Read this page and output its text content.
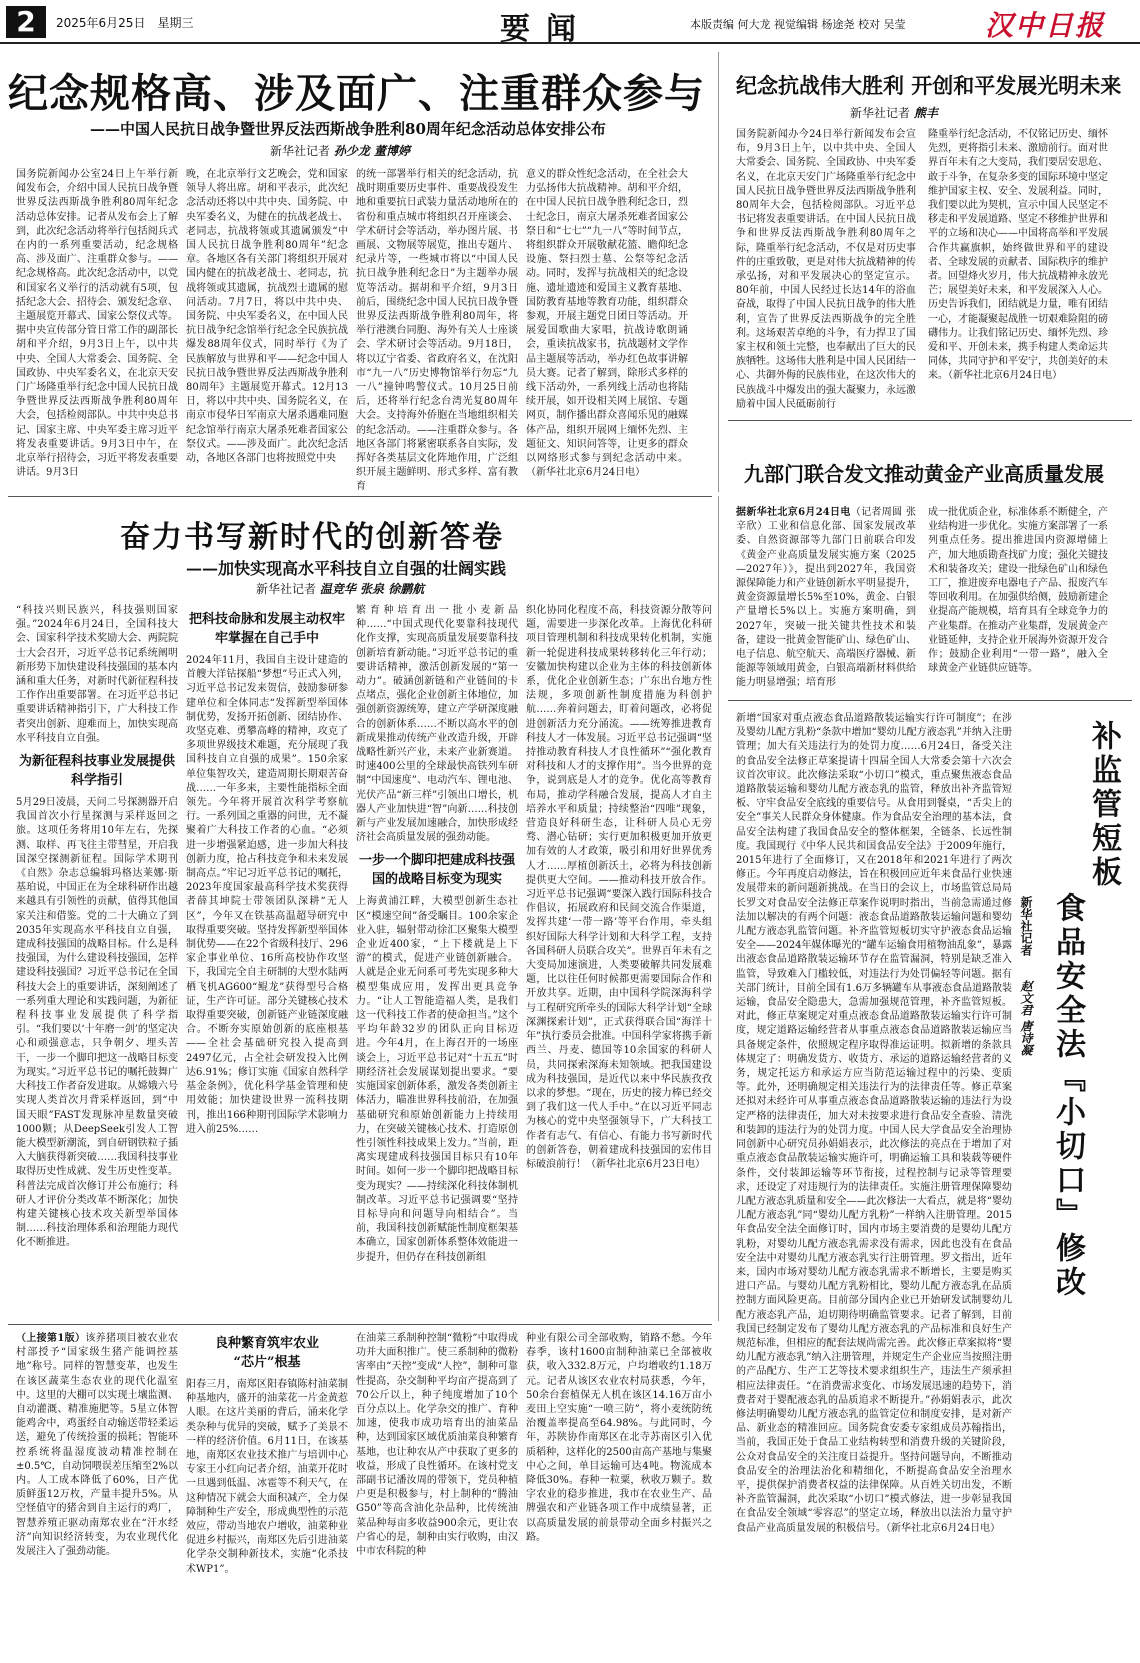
2	2025年6月25日　星期三	要闻	本版责编 何大龙 视觉编辑 杨途尧 校对 吴莹	汉中日报
纪念规格高、涉及面广、注重群众参与
——中国人民抗日战争暨世界反法西斯战争胜利80周年纪念活动总体安排公布
新华社记者 孙少龙 董博婷
国务院新闻办公室24日上午举行新闻发布会，介绍中国人民抗日战争暨世界反法西斯战争胜利80周年纪念活动总体安排。记者从发布会上了解到，此次纪念活动将举行包括阅兵式在内的一系列重要活动，纪念规格高、涉及面广、注重群众参与。——纪念规格高。此次纪念活动中，以党和国家名义举行的活动就有5项，包括纪念大会、招待会、颁发纪念章、主题展览开幕式、国家公祭仪式等。据中央宣传部分管日常工作的副部长胡和平介绍，9月3日上午，以中共中央、全国人大常委会、国务院、全国政协、中央军委名义，在北京天安门广场隆重举行纪念中国人民抗日战争暨世界反法西斯战争胜利80周年大会，包括检阅部队。中共中央总书记、国家主席、中央军委主席习近平将发表重要讲话。9月3日中午，在北京举行招待会，习近平将发表重要讲话。9月3日
晚，在北京举行文艺晚会，党和国家领导人将出席。胡和平表示，此次纪念活动还将以中共中央、国务院、中央军委名义，为健在的抗战老战士、老同志，抗战将领或其遗属颁发“中国人民抗日战争胜利80周年”纪念章。各地区各有关部门将组织开展对国内健在的抗战老战士、老同志，抗战将领或其遗属，抗战烈士遗属的慰问活动。7月7日，将以中共中央、国务院、中央军委名义，在中国人民抗日战争纪念馆举行纪念全民族抗战爆发88周年仪式，同时举行《为了民族解放与世界和平——纪念中国人民抗日战争暨世界反法西斯战争胜利80周年》主题展览开幕式。12月13日，将以中共中央、国务院名义，在南京市侵华日军南京大屠杀遇难同胞纪念馆举行南京大屠杀死难者国家公祭仪式。——涉及面广。此次纪念活动，各地区各部门也将按照党中央
的统一部署举行相关的纪念活动，抗战时期重要历史事件、重要战役发生地和重要抗日武装力量活动地所在的省份和重点城市将组织召开座谈会、学术研讨会等活动，举办图片展、书画展、文物展等展览，推出专题片、纪录片等，一些城市将以“中国人民抗日战争胜利纪念日”为主题举办展览等活动。据胡和平介绍，9月3日前后，围绕纪念中国人民抗日战争暨世界反法西斯战争胜利80周年，将举行港澳台同胞、海外有关人士座谈会、学术研讨会等活动。9月18日，将以辽宁省委、省政府名义，在沈阳市“九一八”历史博物馆举行勿忘“九一八”撞钟鸣警仪式。10月25日前后，还将举行纪念台湾光复80周年大会。支持海外侨胞在当地组织相关的纪念活动。——注重群众参与。各地区各部门将紧密联系各自实际，发挥好各类基层文化阵地作用，广泛组织开展主题鲜明、形式多样、富有教育
意义的群众性纪念活动，在全社会大力弘扬伟大抗战精神。胡和平介绍，在中国人民抗日战争胜利纪念日，烈士纪念日，南京大屠杀死难者国家公祭日和“七七”“九一八”等时间节点，将组织群众开展敬献花篮、瞻仰纪念设施、祭扫烈士墓、公祭等纪念活动。同时，发挥与抗战相关的纪念设施、遗址遗迹和爱国主义教育基地、国防教育基地等教育功能，组织群众参观，开展主题党日团日等活动。开展爱国歌曲大家唱，抗战诗歌朗诵会，重读抗战家书，抗战题材文学作品主题展等活动，举办红色故事讲解员大赛。记者了解到，除形式多样的线下活动外，一系列线上活动也将陆续开展，如开设相关网上展馆、专题网页，制作播出群众喜闻乐见的融媒体产品，组织开展网上缅怀先烈、主题征文、知识问答等，让更多的群众以网络形式参与到纪念活动中来。（新华社北京6月24日电）
纪念抗战伟大胜利 开创和平发展光明未来
新华社记者 熊丰
国务院新闻办今24日举行新闻发布会宣布，9月3日上午，以中共中央、全国人大常委会、国务院、全国政协、中央军委名义，在北京天安门广场隆重举行纪念中国人民抗日战争暨世界反法西斯战争胜利80周年大会，包括检阅部队。习近平总书记将发表重要讲话。在中国人民抗日战争和世界反法西斯战争胜利80周年之际，隆重举行纪念活动，不仅是对历史事件的庄重致敬，更是对伟大抗战精神的传承弘扬，对和平发展决心的坚定宣示。80年前，中国人民经过长达14年的浴血奋战，取得了中国人民抗日战争的伟大胜利，宣告了世界反法西斯战争的完全胜利。这场艰苦卓绝的斗争，有力捍卫了国家主权和领土完整，也奉献出了巨大的民族牺牲。这场伟大胜利是中国人民团结一心、共御外侮的民族伟业，在这次伟大的民族战斗中爆发出的强大凝聚力，永远激励着中国人民砥砺前行
隆重举行纪念活动，不仅铭记历史、缅怀先烈，更将指引未来、激励前行。面对世界百年未有之大变局，我们要居安思危、敢于斗争，在复杂多变的国际环境中坚定维护国家主权、安全、发展利益。同时，我们要以此为契机，宣示中国人民坚定不移走和平发展道路、坚定不移维护世界和平的立场和决心——中国将高举和平发展合作共赢旗帜，始终做世界和平的建设者、全球发展的贡献者、国际秩序的维护者。回望烽火岁月，伟大抗战精神永放光芒；展望美好未来，和平发展深入人心。历史告诉我们，团结就是力量，唯有团结一心，才能凝聚起战胜一切艰难险阻的磅礴伟力。让我们铭记历史、缅怀先烈、珍爱和平、开创未来，携手构建人类命运共同体，共同守护和平安宁，共创美好的未来。（新华社北京6月24日电）
九部门联合发文推动黄金产业高质量发展
据新华社北京6月24日电（记者周圆 张辛欣）工业和信息化部、国家发展改革委、自然资源部等九部门日前联合印发《黄金产业高质量发展实施方案（2025—2027年）》，提出到2027年，我国资源保障能力和产业链创新水平明显提升，黄金资源量增长5%至10%，黄金、白银产量增长5%以上。实施方案明确，到2027年，突破一批关键共性技术和装备，建设一批黄金智能矿山、绿色矿山、电子信息、航空航天、高端医疗器械、新能源等领域用黄金，白银高端新材料供给能力明显增强；培育形
成一批优质企业，标准体系不断健全，产业结构进一步优化。实施方案部署了一系列重点任务。提出推进国内资源增储上产，加大地质勘查找矿力度；强化关键技术和装备攻关；建设一批绿色矿山和绿色工厂，推进废弃电器电子产品、报废汽车等回收利用。在加强供给侧，鼓励新建企业提高产能规模，培育具有全球竞争力的产业集群。在推动产业集群，发展黄金产业链延伸，支持企业开展海外资源开发合作；鼓励企业利用“一带一路”，融入全球黄金产业链供应链等。
奋力书写新时代的创新答卷
——加快实现高水平科技自立自强的壮阔实践
新华社记者 温竞华 张泉 徐鹏航
“科技兴则民族兴，科技强则国家强。”2024年6月24日，全国科技大会、国家科学技术奖励大会、两院院士大会召开，习近平总书记系统阐明新形势下加快建设科技强国的基本内涵和重大任务，对新时代新征程科技工作作出重要部署。在习近平总书记重要讲话精神指引下，广大科技工作者突出创新、迎难而上，加快实现高水平科技自立自强。
为新征程科技事业发展提供科学指引
5月29日凌晨，天问二号探测器开启我国首次小行星探测与采样返回之旅。这项任务将用10年左右，先探测、取样、再飞往主带彗星，开启我国深空探测新征程。国际学术期刊《自然》杂志总编辑玛格达莱娜·斯基珀说，中国正在为全球科研作出越来越具有引领性的贡献，值得其他国家关注和借鉴。党的二十大确立了到2035年实现高水平科技自立自强，建成科技强国的战略目标。什么是科技强国，为什么建设科技强国，怎样建设科技强国？习近平总书记在全国科技大会上的重要讲话，深刻阐述了一系列重大理论和实践问题，为新征程科技事业发展提供了科学指引。“我们要以‘十年磨一剑’的坚定决心和顽强意志，只争朝夕、埋头苦干，一步一个脚印把这一战略目标变为现实。”习近平总书记的嘱托鼓舞广大科技工作者奋发进取。从嫦娥六号实现人类首次月背采样返回，到“中国天眼”FAST发现脉冲星数量突破1000颗；从DeepSeek引发人工智能大模型新潮流，到自研钢铁粒子插入大脑获得新突破……我国科技事业取得历史性成就、发生历史性变革。科普法完成首次修订并公布施行；科研人才评价分类改革不断深化；加快构建关键核心技术攻关新型举国体制……科技治理体系和治理能力现代化不断推进。
把科技命脉和发展主动权牢牢掌握在自己手中
2024年11月，我国自主设计建造的首艘大洋钻探船“梦想”号正式入列，习近平总书记发来贺信，鼓励参研参建单位和全体同志“发挥新型举国体制优势，发扬开拓创新、团结协作、攻坚克难、勇攀高峰的精神，攻克了多项世界级技术难题，充分展现了我国科技自立自强的成果”。150余家单位集智攻关，建造周期长期艰苦奋战……一年多来，主要性能指标全面领先。今年将开展首次科学考察航行。一系列国之重器的问世，无不凝聚着广大科技工作者的心血。“必须进一步增强紧迫感，进一步加大科技创新力度，抢占科技竞争和未来发展制高点。”牢记习近平总书记的嘱托，2023年度国家最高科学技术奖获得者薛其坤院士带领团队深耕“无人区”，今年又在铁基高温超导研究中取得重要突破。坚持发挥新型举国体制优势——在22个省级科技厅、296家企事业单位、16所高校协作攻坚下，我国完全自主研制的大型水陆两栖飞机AG600“鲲龙”获得型号合格证，生产许可证。部分关键核心技术取得重要突破，创新链产业链深度融合。不断夯实原始创新的底座根基——全社会基础研究投入提高到2497亿元，占全社会研发投入比例达6.91%；修订实施《国家自然科学基金条例》，优化科学基金管理和使用效能；加快建设世界一流科技期刊，推出166种期刊国际学术影响力进入前25%……
繁育种培育出一批小麦新品种……“中国式现代化要靠科技现代化作支撑，实现高质量发展要靠科技创新培育新动能。”习近平总书记的重要讲话精神，激活创新发展的“第一动力”。破涵创新链和产业链间的卡点堵点，强化企业创新主体地位，加强创新资源统筹，建立产学研深度融合的创新体系……不断以高水平的创新成果推动传统产业改造升级，开辟战略性新兴产业，未来产业新赛道。时速400公里的全球最快高铁列车研制“中国速度”、电动汽车、锂电池、光伏产品“新三样”引领出口增长，机器人产业加快进“智”向新……科技创新与产业发展加速融合，加快形成经济社会高质量发展的强劲动能。
一步一个脚印把建成科技强国的战略目标变为现实
上海黄浦江畔，大模型创新生态社区“模速空间”备受瞩目。100余家企业入驻，辐射带动徐汇区聚集大模型企业近400家，“上下楼就是上下游”的模式，促进产业链创新融合。人就是企业无问系可考先实现多种大模型集成应用，发挥出更具竞争力。“让人工智能造福人类，是我们这一代科技工作者的使命担当。”这个平均年龄32岁的团队正向目标迈进。今年4月，在上海召开的一场座谈会上，习近平总书记对“十五五”时期经济社会发展谋划提出要求。“要实施国家创新体系，激发各类创新主体活力，瞄准世界科技前沿，在加强基础研究和原始创新能力上持续用力，在突破关键核心技术、打造原创性引领性科技成果上发力。”当前，距离实现建成科技强国目标只有10年时间。如何一步一个脚印把战略目标变为现实？——持续深化科技体制机制改革。习近平总书记强调要“坚持目标导向和问题导向相结合”。当前，我国科技创新赋能性制度框架基本确立，国家创新体系整体效能进一步提升，但仍存在科技创新组
织化协同化程度不高，科技资源分散等问题，需要进一步深化改革。上海优化科研项目管理机制和科技成果转化机制，实施新一轮促进科技成果转移转化三年行动；安徽加快构建以企业为主体的科技创新体系，优化企业创新生态；广东出台地方性法规，多项创新性制度措施为科创护航……奔着问题去，盯着问题改，必将促进创新活力充分涌流。——统筹推进教育科技人才一体发展。习近平总书记强调“坚持推动教育科技人才良性循环”“强化教育对科技和人才的支撑作用”。当今世界的竞争，说到底是人才的竞争。优化高等教育布局，推动学科融合发展，提高人才自主培养水平和质量；持续整治“四唯”现象，营造良好科研生态，让科研人员心无旁骛、潜心钻研；实行更加积极更加开放更加有效的人才政策，吸引和用好世界优秀人才……厚植创新沃土，必将为科技创新提供更大空间。——推动科技开放合作。习近平总书记强调“要深入践行国际科技合作倡议，拓展政府和民间交流合作渠道，发挥共建‘一带一路’等平台作用，牵头组织好国际大科学计划和大科学工程，支持各国科研人员联合攻关”。世界百年未有之大变局加速演进，人类要破解共同发展难题，比以往任何时候都更需要国际合作和开放共享。近期，由中国科学院深海科学与工程研究所牵头的国际大科学计划“全球深渊探索计划”，正式获得联合国“海洋十年”执行委员会批准。中国科学家将携手新西兰、丹麦、德国等10余国家的科研人员，共同探索深海未知领域。把我国建设成为科技强国，是近代以来中华民族孜孜以求的梦想。“现在，历史的接力棒已经交到了我们这一代人手中。”在以习近平同志为核心的党中央坚强领导下，广大科技工作者有志气、有信心、有能力书写新时代的创新答卷，朝着建成科技强国的宏伟目标破浪前行！（新华社北京6月23日电）
新增“国家对重点液态食品道路散装运输实行许可制度”；在涉及婴幼儿配方乳粉“条款中增加“婴幼儿配方液态乳”并纳入注册管理；加大有关违法行为的处罚力度……6月24日，备受关注的食品安全法修正草案提请十四届全国人大常委会第十六次会议首次审议。此次修法采取“小切口”模式，重点聚焦液态食品道路散装运输和婴幼儿配方液态乳的监管，释放出补齐监管短板、守牢食品安全底线的重要信号。从食用到餐桌，“舌尖上的安全”事关人民群众身体健康。作为食品安全治理的基本法，食品安全法构建了我国食品安全的整体框架，全链条、长远性制度。我国现行《中华人民共和国食品安全法》于2009年施行，2015年进行了全面修订，又在2018年和2021年进行了两次修正。今年再度启动修法，旨在积极回应近年来食品行业快速发展带来的新问题新挑战。在当日的会议上，市场监管总局局长罗文对食品安全法修正草案作说明时指出，当前急需通过修法加以解决的有两个问题：液态食品道路散装运输问题和婴幼儿配方液态乳监管问题。补齐监管短板切实守护液态食品运输安全——2024年媒体曝光的“罐车运输食用植物油乱象”，暴露出液态食品道路散装运输环节存在监管漏洞，特别是缺乏准入监管，导致难入门槛较低，对违法行为处罚偏轻等问题。据有关部门统计，目前全国有1.6万多辆罐车从事液态食品道路散装运输，食品安全隐患大，急需加强规范管理，补齐监管短板。对此，修正草案规定对重点液态食品道路散装运输实行许可制度，规定道路运输经营者从事重点液态食品道路散装运输应当具备规定条件，依照规定程序取得准运证明。拟新增的条款具体规定了：明确发货方、收货方、承运的道路运输经营者的义务，规定托运方和承运方应当防范运输过程中的污染、变质等。此外，还明确规定相关违法行为的法律责任等。修正草案还拟对未经许可从事重点液态食品道路散装运输的违法行为设定严格的法律责任，加大对未按要求进行食品安全查验、清洗和装卸的违法行为的处罚力度。中国人民大学食品安全治理协同创新中心研究员孙娟娟表示，此次修法的亮点在于增加了对重点液态食品散装运输实施许可，明确运输工具和装载等硬件条件，交付装卸运输等环节衔接，过程控制与记录等管理要求，还设定了对违规行为的法律责任。实施注册管理保障婴幼儿配方液态乳质量和安全——此次修法一大看点，就是将“婴幼儿配方液态乳”同“婴幼儿配方乳粉”一样纳入注册管理。2015年食品安全法全面修订时，国内市场主要消费的是婴幼儿配方乳粉，对婴幼儿配方液态乳需求没有需求，因此也没有在食品安全法中对婴幼儿配方液态乳实行注册管理。罗文指出，近年来，国内市场对婴幼儿配方液态乳需求不断增长，主要是购买进口产品。与婴幼儿配方乳粉相比，婴幼儿配方液态乳在品质控制方面风险更高。目前部分国内企业已开始研发试制婴幼儿配方液态乳产品，迫切期待明确监管要求。记者了解到，目前我国已经制定发布了婴幼儿配方液态乳的产品标准和良好生产规范标准，但相应的配套法规尚需完善。此次修正草案拟将“婴幼儿配方液态乳”纳入注册管理，并规定生产企业应当按照注册的产品配方、生产工艺等技术要求组织生产，违法生产须承担相应法律责任。“在消费需求变化、市场发展迅速的趋势下，消费者对于婴配液态乳的品质追求不断提升。”孙娟娟表示，此次修法明确婴幼儿配方液态乳的监管定位和制度安排，是对新产品、新业态的精准回应。国务院食安委专家组成员苏翰指出，当前，我国正处于食品工业结构转型和消费升级的关键阶段，公众对食品安全的关注度日益提升。坚持问题导向，不断推动食品安全的治理法治化和精细化，不断提高食品安全治理水平，提供保护消费者权益的法律保障。从百姓关切出发，不断补齐监管漏洞，此次采取“小切口”模式修法，进一步彰显我国在食品安全领域“零容忍”的坚定立场，释放出以法治力量守护食品产业高质量发展的积极信号。（新华社北京6月24日电）
补监管短板
食品安全法『小切口』修改
新华社记者
赵文君 唐诗凝
（上接第1版）该养猪项目被农业农村部授予“国家级生猪产能调控基地”称号。同样的智慧变革，也发生在该区蔬菜生态农业的现代化温室中。这里的大棚可以实现土壤监测、自动灌溉、精准施肥等。5星立体智能鸡舍中，鸡蛋经自动输送带轻柔运送，避免了传统捡蛋的损耗；智能环控系统将温湿度波动精准控制在±0.5℃，自动饲喂误差压缩至2%以内。人工成本降低了60%，日产优质鲜蛋12万枚，产量丰提升5%。从空怪值守的猪舍到自主运行的鸡厂，智慧养殖正驱动南郑农业在“汗水经济”向知识经济转变，为农业现代化发展注入了强劲动能。
良种繁育筑牢农业
“芯片”根基
阳春三月，南郑区阳春镇陈村油菜制种基地内，盛开的油菜花一片金黄惹人眼。在这片美丽的背后，涌来化学类杂种与优异的突破，赋予了美景不一样的经济价值。6月11日，在该基地，南郑区农业技术推广与培训中心专家王小红向记者介绍，油菜开花时一旦遇到低温、冰雹等不利天气，在这种情况下就会大面积减产，全力保障制种生产安全，形成典型性的示范效应，带动当地农户增收，油菜种业促进乡村振兴，南郑区先后引进油菜化学杂交制种新技术，实施“化杀技术WP1”。
在油菜三系制种控制“微粉”中取得成功并大面积推广。使三系制种的微粉害率由“天控”变成“人控”，制种可靠性提高，杂交制种平均亩产提高到了70公斤以上，种子纯度增加了10个百分点以上。化学杂交的推广、育种加速，使我市成功培育出的油菜品种，达到国家区域优质油菜良种繁育基地，也让种农从产中获取了更多的收益，形成了良性循环。在该村党支部副书记潘汝周的带领下，党员种植户更是积极参与，村上制种的“腾油G50”等高含油化杂品种，比传统油菜品种每亩多收益900余元，更让农户省心的是，制种由实行收购，由汉中市农科院的种
种业有限公司全部收购，销路不愁。今年春季，该村1600亩制种油菜已全部被收获，收入332.8万元，户均增收约1.18万元。记者从该区农业农村局获悉，今年，50余台套植保无人机在该区14.16万亩小麦田上空实施“一喷三防”，将小麦统防统治覆盖率提高至64.98%。与此同时，今年，苏陕协作南郑区在北寺苏南区引入优质稻种，这样化的2500亩高产基地与集聚中心之间，单目运输可达4吨。物流成本降低30%。春种一粒粟，秋收万颗子。数字农业的稳步推进，我市在农业生产、品牌强农和产业链各项工作中成绩显著，正以高质量发展的前景带动全面乡村振兴之路。
